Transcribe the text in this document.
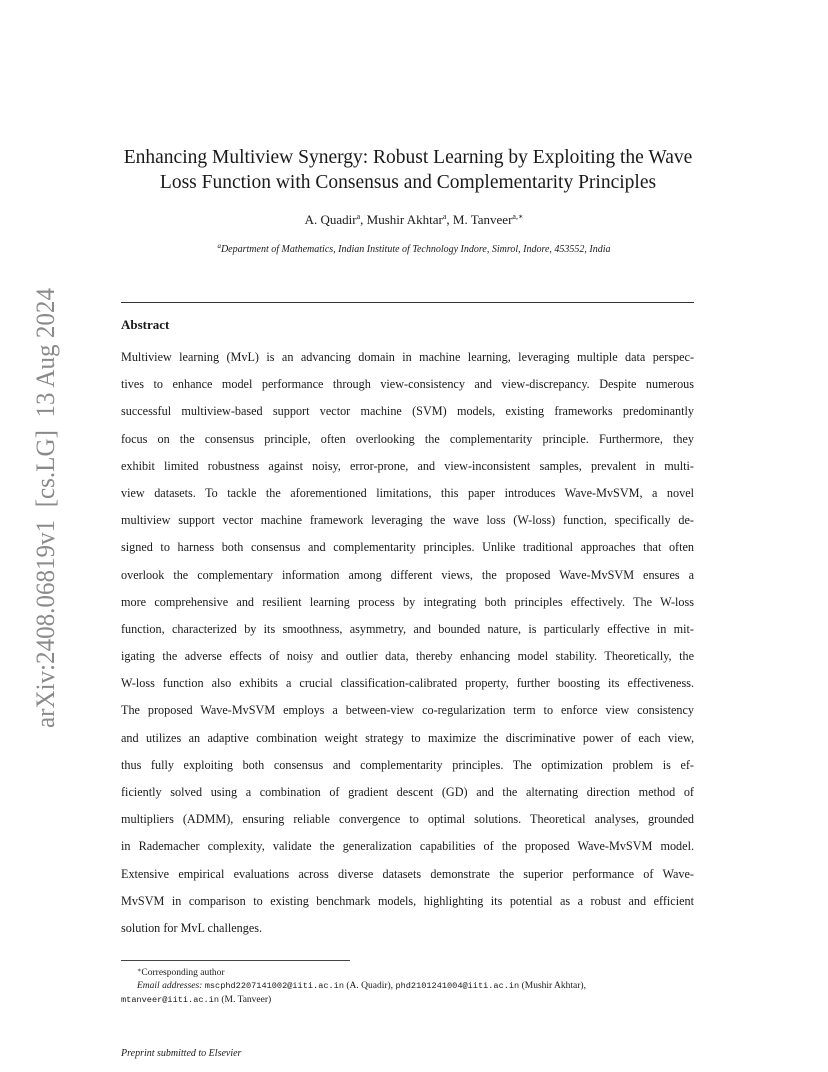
arXiv:2408.06819v1  [cs.LG]  13 Aug 2024
Enhancing Multiview Synergy: Robust Learning by Exploiting the Wave
Loss Function with Consensus and Complementarity Principles
A. Quadir$^a$, Mushir Akhtar$^a$, M. Tanveer$^{a,∗}$
$^a$Department of Mathematics, Indian Institute of Technology Indore, Simrol, Indore, 453552, India
Abstract

Multiview learning (MvL) is an advancing domain in machine learning, leveraging multiple data perspec-
tives to enhance model performance through view-consistency and view-discrepancy. Despite numerous
successful multiview-based support vector machine (SVM) models, existing frameworks predominantly
focus on the consensus principle, often overlooking the complementarity principle. Furthermore, they
exhibit limited robustness against noisy, error-prone, and view-inconsistent samples, prevalent in multi-
view datasets. To tackle the aforementioned limitations, this paper introduces Wave-MvSVM, a novel
multiview support vector machine framework leveraging the wave loss (W-loss) function, specifically de-
signed to harness both consensus and complementarity principles. Unlike traditional approaches that often
overlook the complementary information among different views, the proposed Wave-MvSVM ensures a
more comprehensive and resilient learning process by integrating both principles effectively. The W-loss
function, characterized by its smoothness, asymmetry, and bounded nature, is particularly effective in mit-
igating the adverse effects of noisy and outlier data, thereby enhancing model stability. Theoretically, the
W-loss function also exhibits a crucial classification-calibrated property, further boosting its effectiveness.
The proposed Wave-MvSVM employs a between-view co-regularization term to enforce view consistency
and utilizes an adaptive combination weight strategy to maximize the discriminative power of each view,
thus fully exploiting both consensus and complementarity principles. The optimization problem is ef-
ficiently solved using a combination of gradient descent (GD) and the alternating direction method of
multipliers (ADMM), ensuring reliable convergence to optimal solutions. Theoretical analyses, grounded
in Rademacher complexity, validate the generalization capabilities of the proposed Wave-MvSVM model.
Extensive empirical evaluations across diverse datasets demonstrate the superior performance of Wave-
MvSVM in comparison to existing benchmark models, highlighting its potential as a robust and efficient
solution for MvL challenges.

∗Corresponding author
Email addresses: mscphd2207141002@iiti.ac.in (A. Quadir), phd2101241004@iiti.ac.in (Mushir Akhtar),
mtanveer@iiti.ac.in (M. Tanveer)
Preprint submitted to Elsevier
